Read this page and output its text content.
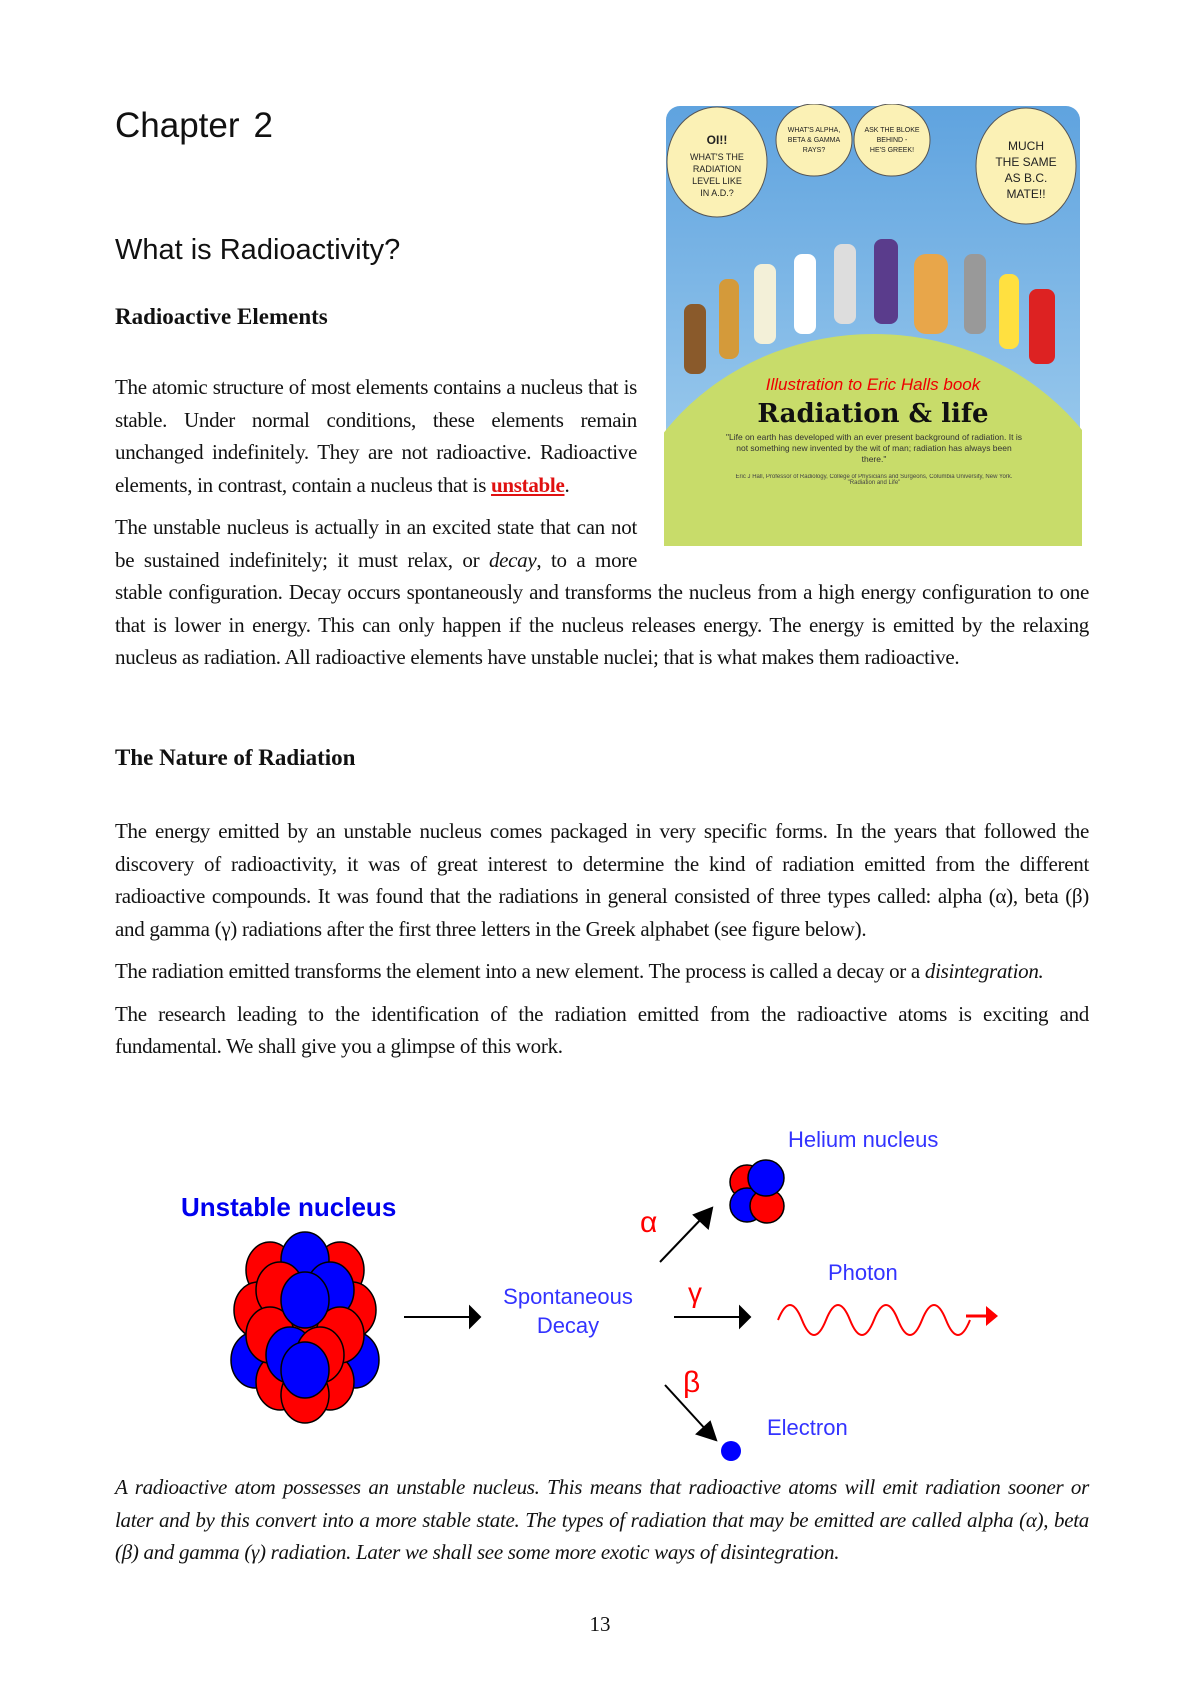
Chapter 2
What is Radioactivity?
Radioactive Elements

The atomic structure of most elements contains a nucleus that is stable. Under normal conditions, these elements remain unchanged indefinitely. They are not radioactive. Radioactive elements, in contrast, contain a nucleus that is unstable.

The unstable nucleus is actually in an excited state that can not be sustained indefinitely; it must relax, or decay, to a more stable configuration. Decay occurs spontaneously and transforms the nucleus from a high energy configuration to one that is lower in energy. This can only happen if the nucleus releases energy. The energy is emitted by the relaxing nucleus as radiation. All radioactive elements have unstable nuclei; that is what makes them radioactive.

OI!!
WHAT'S THE
RADIATION
LEVEL LIKE
IN A.D.?
WHAT'S ALPHA,
BETA & GAMMA
RAYS?
ASK THE BLOKE
BEHIND -
HE'S GREEK!	MUCH
THE SAME
AS B.C.
MATE!!
Illustration to Eric Halls book
Radiation & life
"Life on earth has developed with an ever present background of radiation. It is not something new invented by the wit of man; radiation has always been there."
Eric J Hall, Professor of Radiology, College of Physicians and Surgeons, Columbia University, New York. "Radiation and Life"
The Nature of Radiation

The energy emitted by an unstable nucleus comes packaged in very specific forms. In the years that followed the discovery of radioactivity, it was of great interest to determine the kind of radiation emitted from the different radioactive compounds. It was found that the radiations in general consisted of three types called: alpha (α), beta (β) and gamma (γ) radiations after the first three letters in the Greek alphabet (see figure below).

The radiation emitted transforms the element into a new element. The process is called a decay or a disintegration.

The research leading to the identification of the radiation emitted from the radioactive atoms is exciting and fundamental. We shall give you a glimpse of this work.

Unstable nucleus
Spontaneous
Decay
α
γ
β
Helium nucleus
Photon
Electron

A radioactive atom possesses an unstable nucleus. This means that radioactive atoms will emit radiation sooner or later and by this convert into a more stable state. The types of radiation that may be emitted are called alpha (α), beta (β) and gamma (γ) radiation. Later we shall see some more exotic ways of disintegration.

13
